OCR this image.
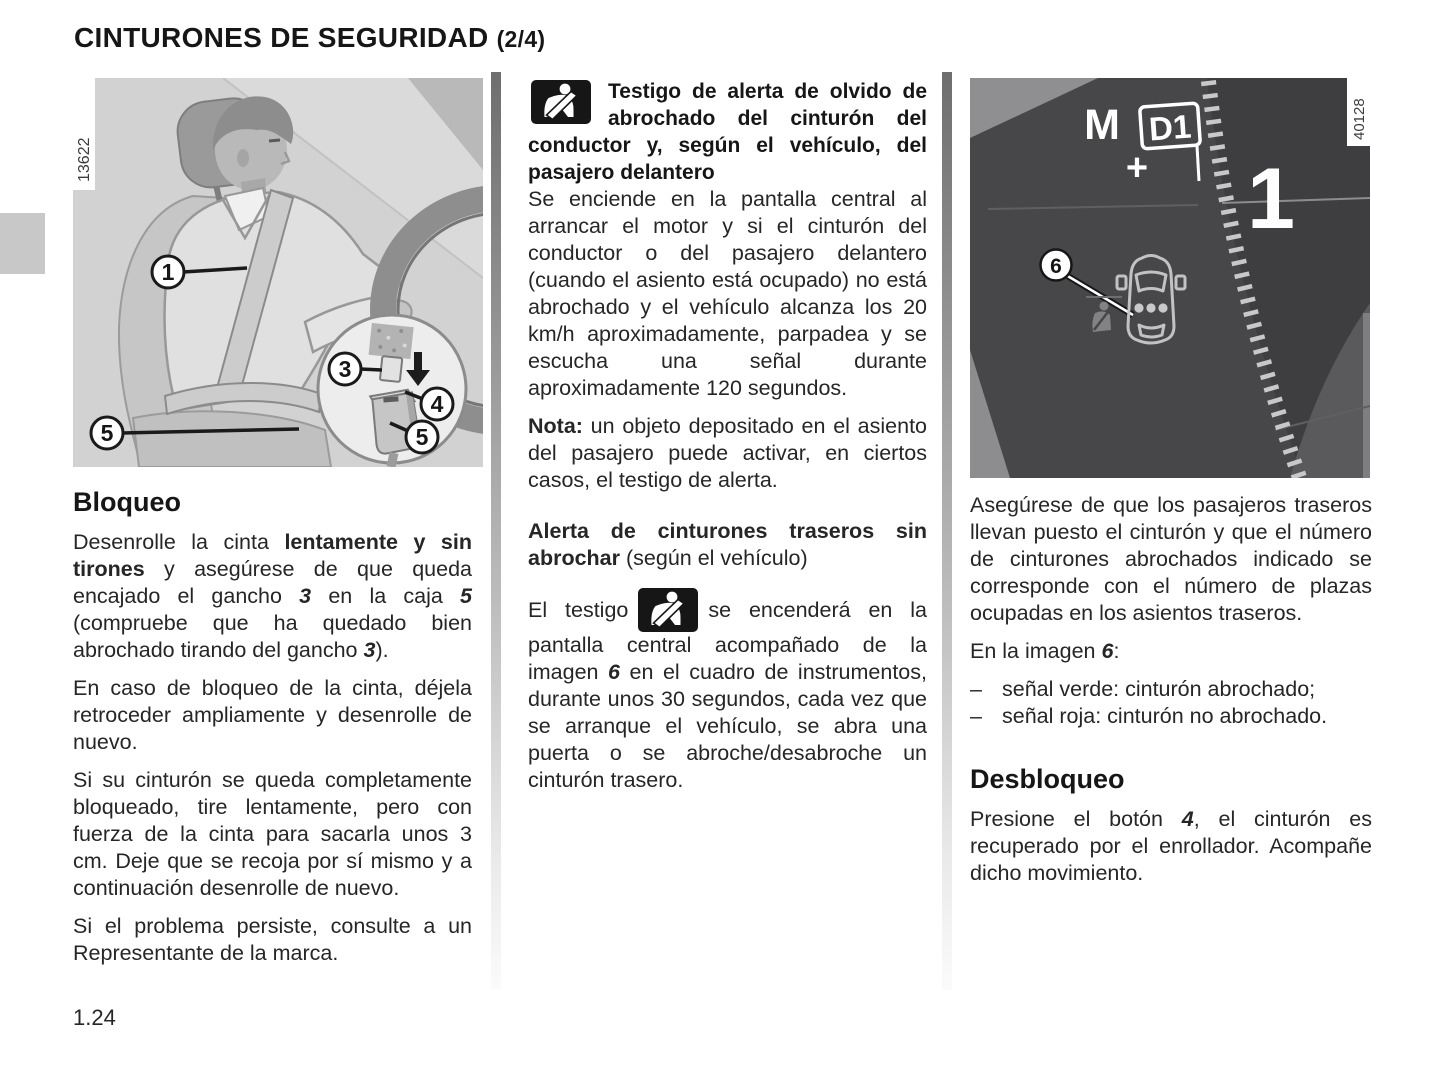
CINTURONES DE SEGURIDAD (2/4)
1
3
4
5
5
13622
Bloqueo

Desenrolle la cinta lentamente y sin tirones y asegúrese de que queda encajado el gancho 3 en la caja 5 (compruebe que ha quedado bien abrochado tirando del gancho 3).

En caso de bloqueo de la cinta, déjela retroceder ampliamente y desenrolle de nuevo.

Si su cinturón se queda completamente bloqueado, tire lentamente, pero con fuerza de la cinta para sacarla unos 3 cm. Deje que se recoja por sí mismo y a continuación desenrolle de nuevo.

Si el problema persiste, consulte a un Representante de la marca.

Testigo de alerta de olvido de abrochado del cinturón del conductor y, según el vehículo, del pasajero delantero

Se enciende en la pantalla central al arrancar el motor y si el cinturón del conductor o del pasajero delantero (cuando el asiento está ocupado) no está abrochado y el vehículo alcanza los 20 km/h aproximadamente, parpadea y se escucha una señal durante aproximadamente 120 segundos.

Nota: un objeto depositado en el asiento del pasajero puede activar, en ciertos casos, el testigo de alerta.

Alerta de cinturones traseros sin abrochar (según el vehículo)

El testigo	se encenderá en la pantalla central acompañado de la imagen 6 en el cuadro de instrumentos, durante unos 30 segundos, cada vez que se arranque el vehículo, se abra una puerta o se abroche/desabroche un cinturón trasero.

M D1
+ 1
6
40128

Asegúrese de que los pasajeros traseros llevan puesto el cinturón y que el número de cinturones abrochados indicado se corresponde con el número de plazas ocupadas en los asientos traseros.

En la imagen 6:

– señal verde: cinturón abrochado;
– señal roja: cinturón no abrochado.
Desbloqueo

Presione el botón 4, el cinturón es recuperado por el enrollador. Acompañe dicho movimiento.

1.24
